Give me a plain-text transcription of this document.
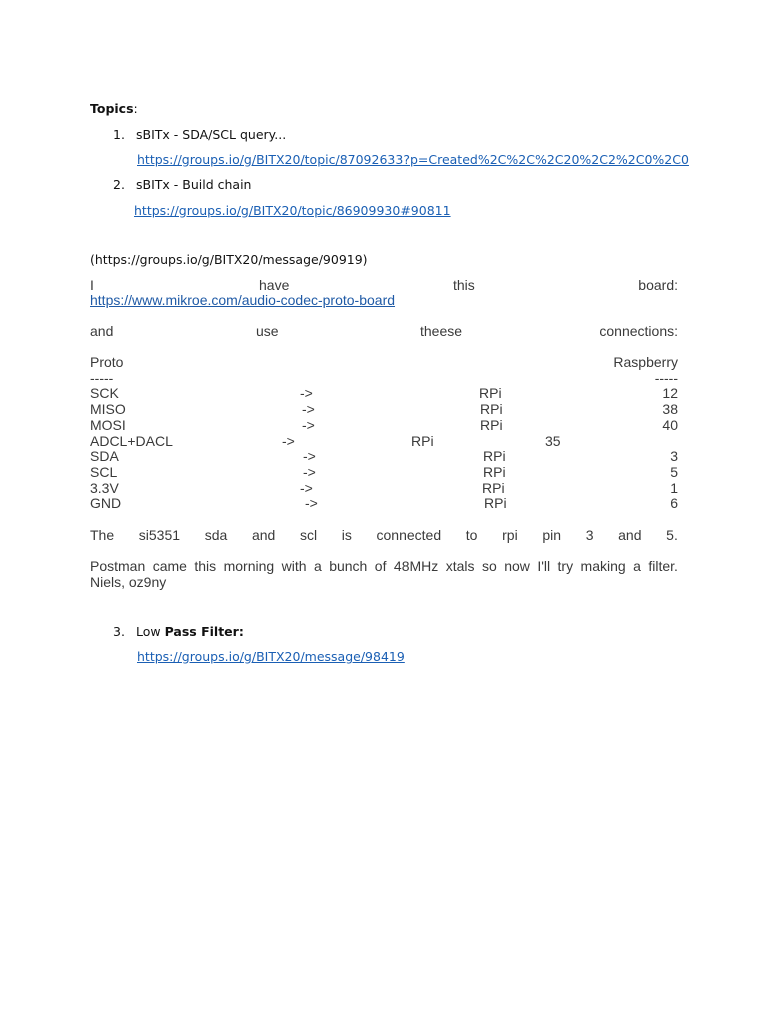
Topics:
1. sBITx - SDA/SCL query...
https://groups.io/g/BITX20/topic/87092633?p=Created%2C%2C%2C20%2C2%2C0%2C0
2. sBITx - Build chain
https://groups.io/g/BITX20/topic/86909930#90811
(https://groups.io/g/BITX20/message/90919)
I	have	this	board:
https://www.mikroe.com/audio-codec-proto-board
and	use	theese	connections:
Proto	Raspberry
-----	-----
SCK	->	RPi	12
MISO	->	RPi	38
MOSI	->	RPi	40
ADCL+DACL	->	RPi	35
SDA	->	RPi	3
SCL	->	RPi	5
3.3V	->	RPi	1
GND	->	RPi	6
The si5351 sda and scl is connected to rpi pin 3 and 5.
Postman came this morning with a bunch of 48MHz xtals so now I'll try making a filter.
Niels, oz9ny
3. Low Pass Filter:
https://groups.io/g/BITX20/message/98419
